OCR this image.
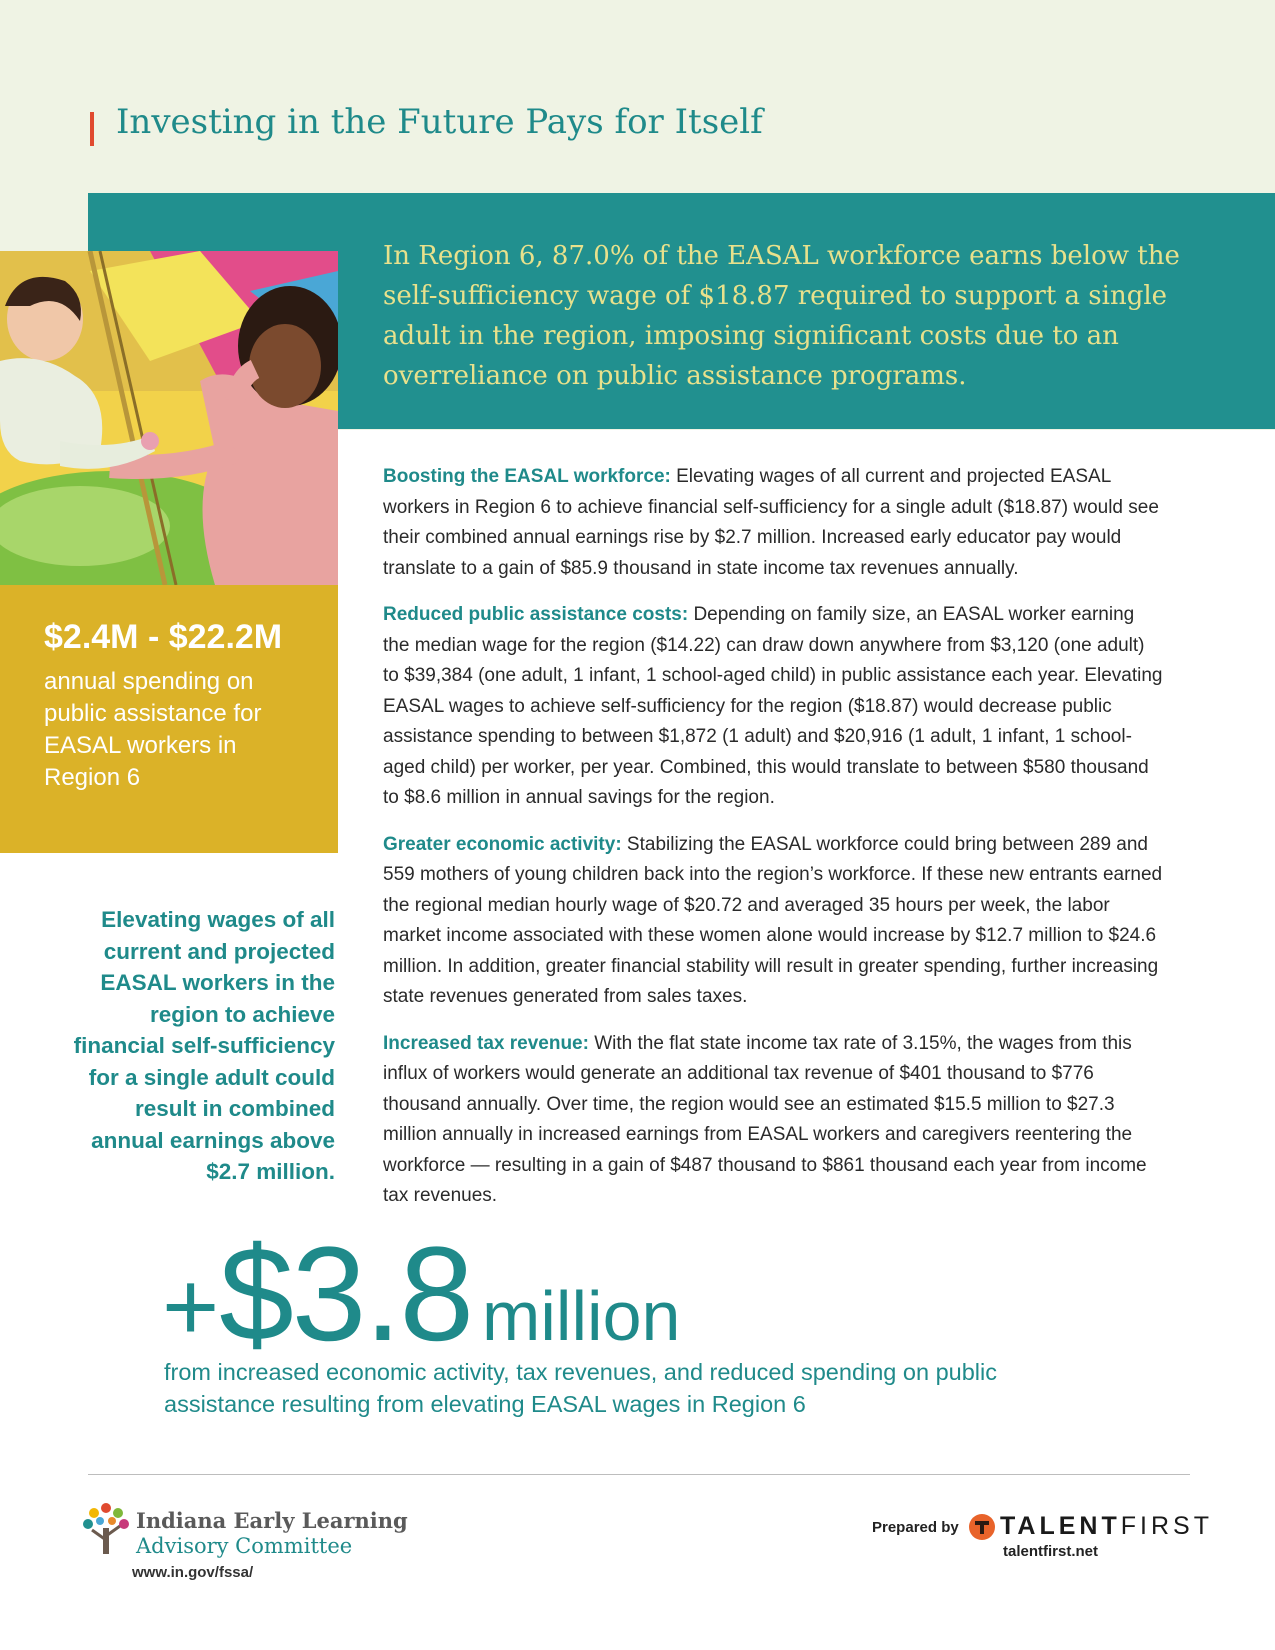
Investing in the Future Pays for Itself

In Region 6, 87.0% of the EASAL workforce earns below the self-sufficiency wage of $18.87 required to support a single adult in the region, imposing significant costs due to an overreliance on public assistance programs.

$2.4M - $22.2M

annual spending on public assistance for EASAL workers in Region 6

Elevating wages of all current and projected EASAL workers in the region to achieve financial self-sufficiency for a single adult could result in combined annual earnings above $2.7 million.

Boosting the EASAL workforce: Elevating wages of all current and projected EASAL workers in Region 6 to achieve financial self-sufficiency for a single adult ($18.87) would see their combined annual earnings rise by $2.7 million. Increased early educator pay would translate to a gain of $85.9 thousand in state income tax revenues annually.

Reduced public assistance costs: Depending on family size, an EASAL worker earning the median wage for the region ($14.22) can draw down anywhere from $3,120 (one adult) to $39,384 (one adult, 1 infant, 1 school-aged child) in public assistance each year. Elevating EASAL wages to achieve self-sufficiency for the region ($18.87) would decrease public assistance spending to between $1,872 (1 adult) and $20,916 (1 adult, 1 infant, 1 school-aged child) per worker, per year. Combined, this would translate to between $580 thousand to $8.6 million in annual savings for the region.

Greater economic activity: Stabilizing the EASAL workforce could bring between 289 and 559 mothers of young children back into the region’s workforce. If these new entrants earned the regional median hourly wage of $20.72 and averaged 35 hours per week, the labor market income associated with these women alone would increase by $12.7 million to $24.6 million. In addition, greater financial stability will result in greater spending, further increasing state revenues generated from sales taxes.

Increased tax revenue: With the flat state income tax rate of 3.15%, the wages from this influx of workers would generate an additional tax revenue of $401 thousand to $776 thousand annually. Over time, the region would see an estimated $15.5 million to $27.3 million annually in increased earnings from EASAL workers and caregivers reentering the workforce — resulting in a gain of $487 thousand to $861 thousand each year from income tax revenues.

+$3.8 million

from increased economic activity, tax revenues, and reduced spending on public assistance resulting from elevating EASAL wages in Region 6

Indiana Early Learning
Advisory Committee
www.in.gov/fssa/
Prepared by TALENTFIRST
talentfirst.net
